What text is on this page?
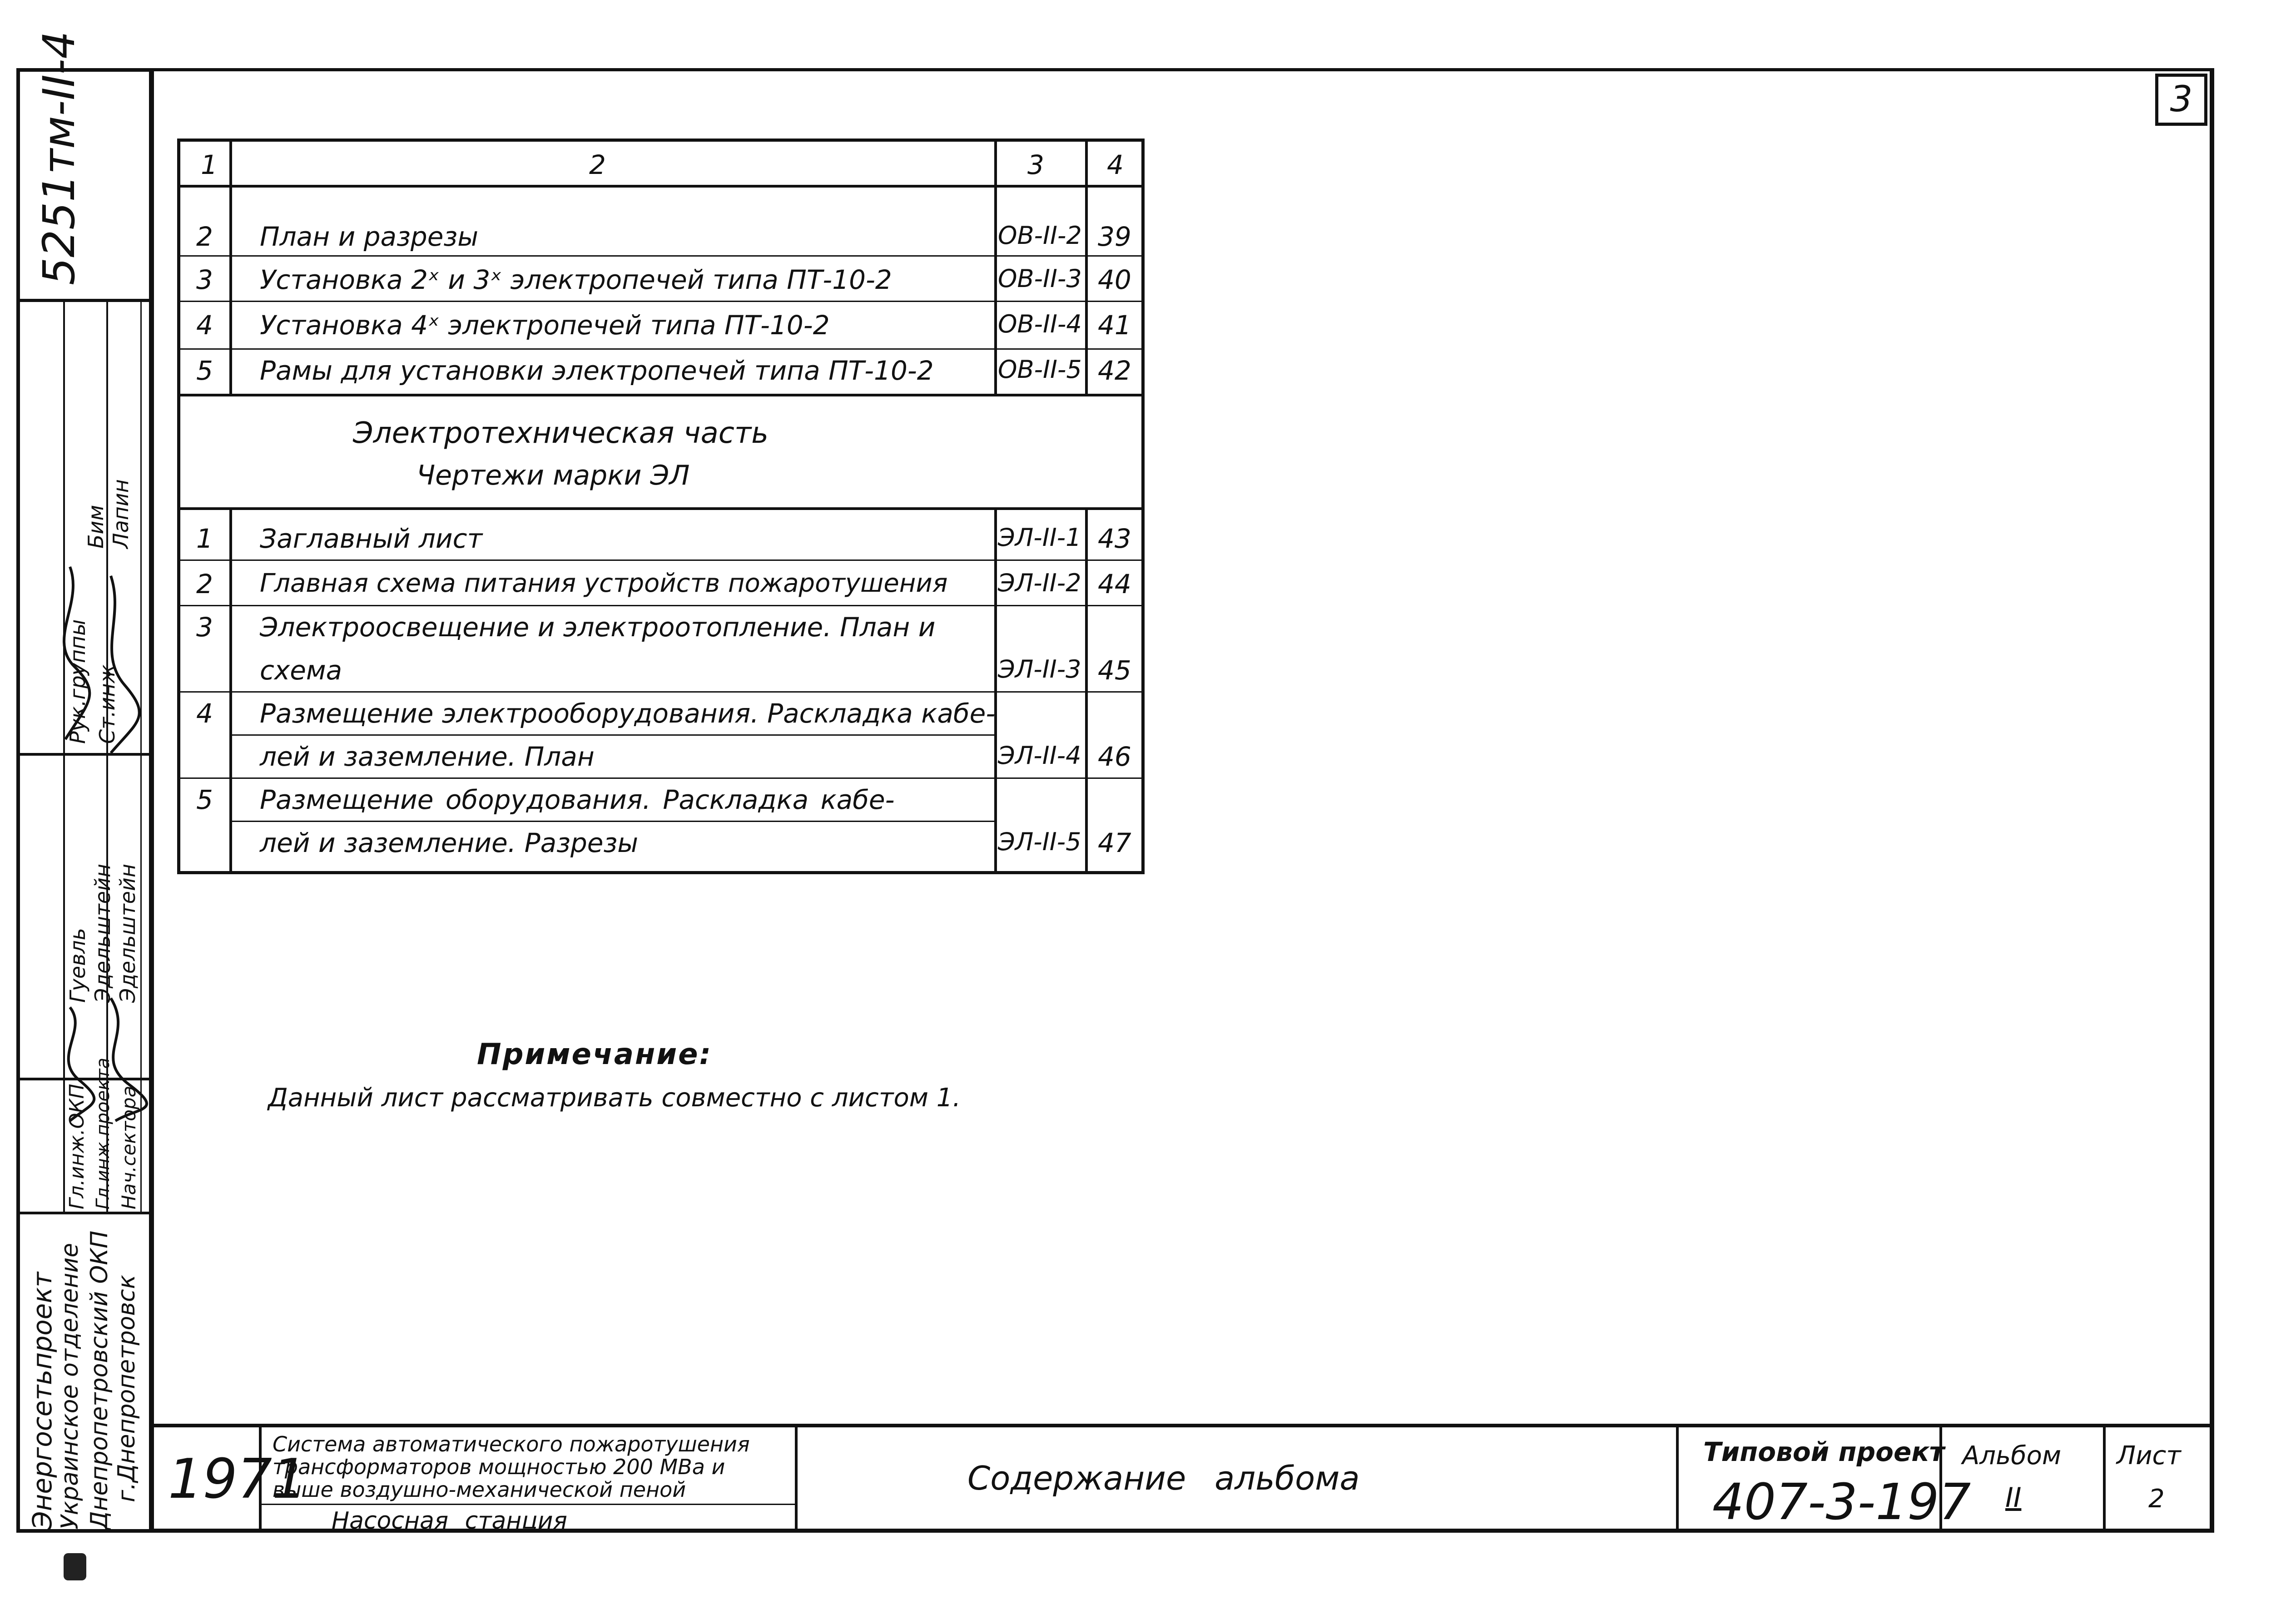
3
5251тм-II-4
Бим Лапин
Рук.группы Ст.инж.
Гуевль Эдельштейн Эдельштейн
Гл.инж.ОКП Гл.инж.проекта Нач.сектора
Энергосетьпроект
Украинское отделение Днепропетровский ОКП г.Днепропетровск
1	2	3 4
2 План и разрезы	ОВ-II-2 39
3 Установка 2ˣ и 3ˣ электропечей типа ПТ-10-2	ОВ-II-3 40
4 Установка 4ˣ электропечей типа ПТ-10-2	ОВ-II-4 41
5 Рамы для установки электропечей типа ПТ-10-2	ОВ-II-5 42
Электротехническая часть
Чертежи марки ЭЛ
1 Заглавный лист	ЭЛ-II-1 43
2 Главная схема питания устройств пожаротушения ЭЛ-II-2 44
3 Электроосвещение и электроотопление. План и
схема	ЭЛ-II-3 45
4 Размещение электрооборудования. Раскладка кабе-
лей и заземление. План	ЭЛ-II-4 46
5 Размещение оборудования. Раскладка кабе-
лей и заземление. Разрезы	ЭЛ-II-5 47
Примечание:
Данный лист рассматривать совместно с листом 1.
1971
Система автоматического пожаротушения
трансформаторов мощностью 200 МВа и
выше воздушно-механической пеной
Насосная станция
Содержание альбома
Типовой проект
407-3-197
Альбом
II
Лист
2
